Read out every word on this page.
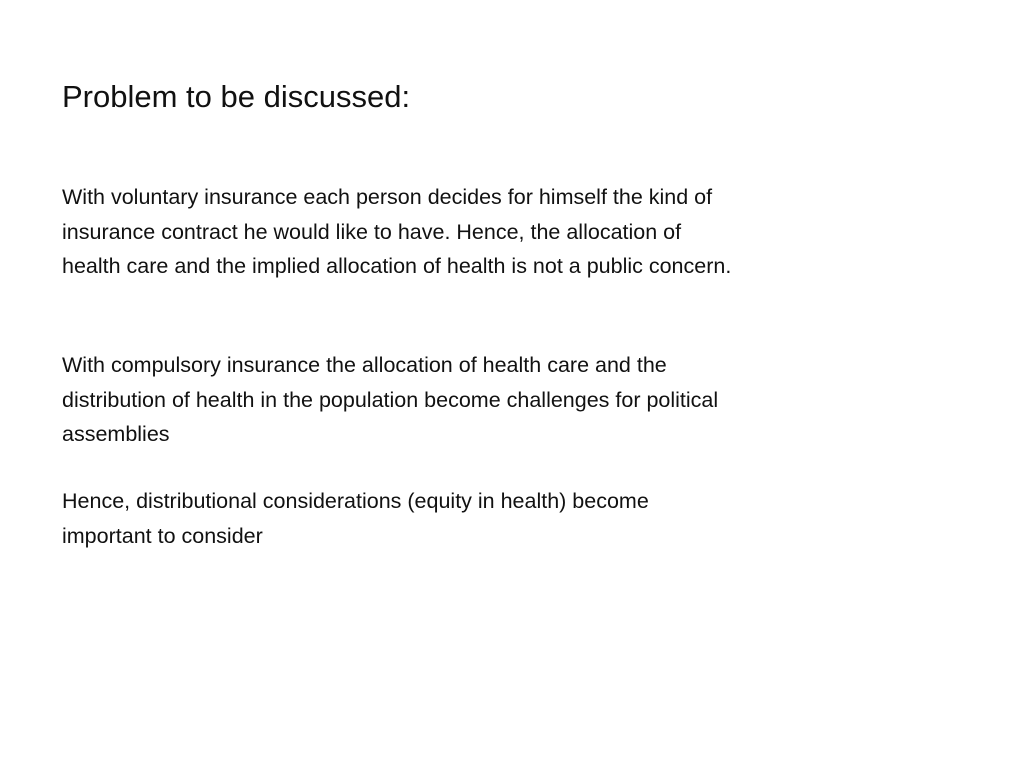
Problem to be discussed:

With voluntary insurance each person decides for himself the kind of
insurance contract he would like to have. Hence, the allocation of
health care and the implied allocation of health is not a public concern.

With compulsory insurance the allocation of health care and the
distribution of health in the population become challenges for political
assemblies

Hence, distributional considerations (equity in health) become
important to consider
